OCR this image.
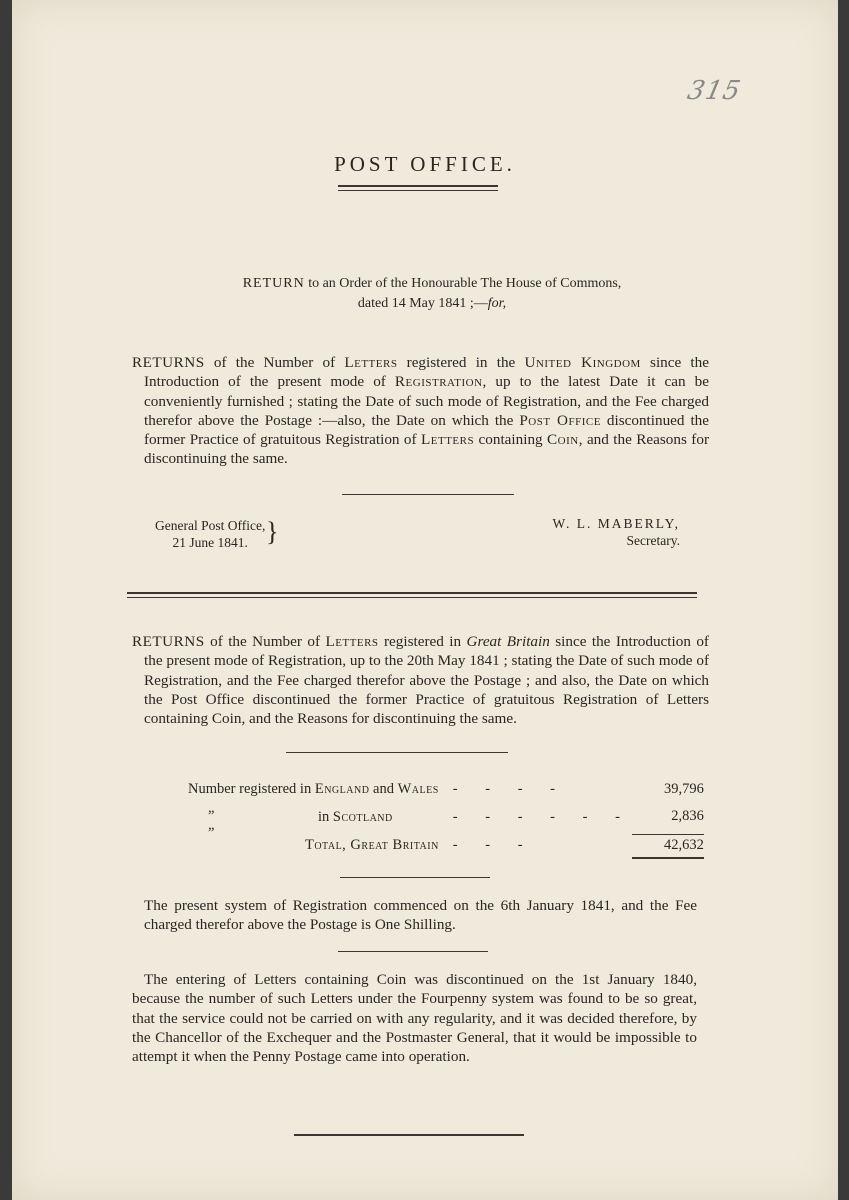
315
POST OFFICE.
RETURN to an Order of the Honourable The House of Commons,
dated 14 May 1841 ;—for,

RETURNS of the Number of Letters registered in the United Kingdom since the Introduction of the present mode of Registration, up to the latest Date it can be conveniently furnished ; stating the Date of such mode of Registration, and the Fee charged therefor above the Postage :—also, the Date on which the Post Office discontinued the former Practice of gratuitous Registration of Letters containing Coin, and the Reasons for discontinuing the same.

General Post Office,
21 June 1841. }	W. L. MABERLY,
Secretary.

RETURNS of the Number of Letters registered in Great Britain since the Introduction of the present mode of Registration, up to the 20th May 1841 ; stating the Date of such mode of Registration, and the Fee charged therefor above the Postage ; and also, the Date on which the Post Office discontinued the former Practice of gratuitous Registration of Letters containing Coin, and the Reasons for discontinuing the same.

Number registered in England and Wales		- - - -	39,796
„ „	in Scotland	- - - - - -	2,836
Total, Great Britain		- - -	42,632

The present system of Registration commenced on the 6th January 1841, and the Fee charged therefor above the Postage is One Shilling.

The entering of Letters containing Coin was discontinued on the 1st January 1840, because the number of such Letters under the Fourpenny system was found to be so great, that the service could not be carried on with any regularity, and it was decided therefore, by the Chancellor of the Exchequer and the Postmaster General, that it would be impossible to attempt it when the Penny Postage came into operation.
